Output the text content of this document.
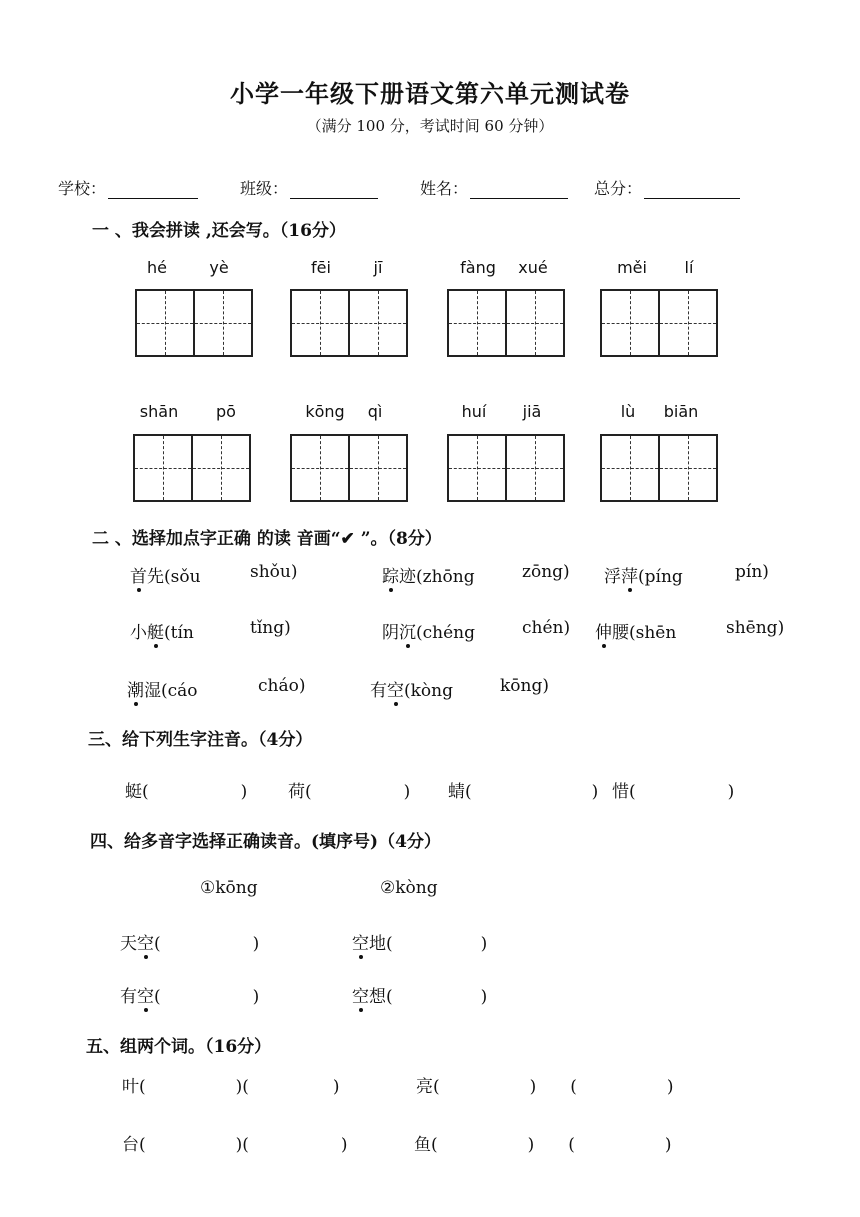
小学一年级下册语文第六单元测试卷
（满分 100 分，考试时间 60 分钟）
学校：	班级：	姓名：	总分：
一 、我会拼读 ,还会写。（16分）
hé	yè	fēi	jī	fàng	xué	měi	lí
shān	pō	kōng	qì	huí	jiā	lù	biān
二 、选择加点字正确 的读 音画“✔ ”。（8分）
首先(sǒu	shǒu)	踪迹(zhōng	zōng) 浮萍(píng	pín)
小艇(tín	tǐng)	阴沉(chéng	chén) 伸腰(shēn	shēng)
潮湿(cáo	cháo)	有空(kòng	kōng)
三、给下列生字注音。（4分）
蜓(	) 荷(	) 蜻(	) 惜(	)
四、给多音字选择正确读音。(填序号)（4分）
①kōng	②kòng
天空(	)	空地(	)
有空(	)	空想(	)
五、组两个词。（16分）
叶(	)(	)	亮(	) (	)
台(	)(	)	鱼(	) (	)
